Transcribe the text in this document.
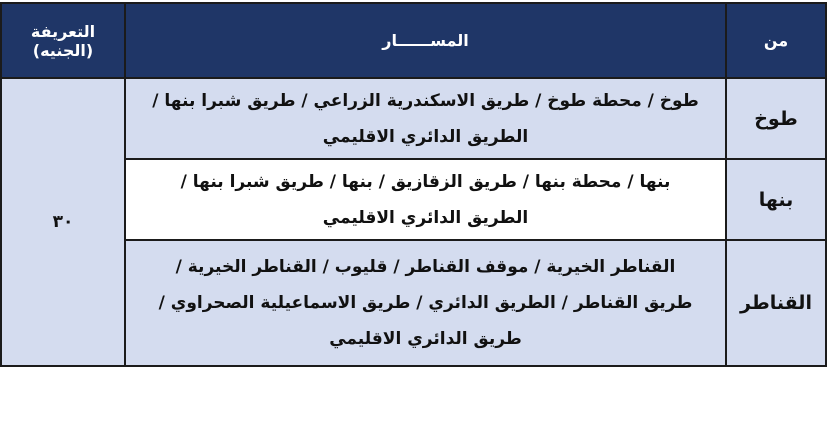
من	المســــــار	التعريفة (الجنيه)
طوخ	طوخ / محطة طوخ / طريق الاسكندرية الزراعي / طريق شبرا بنها /
الطريق الدائري الاقليمي	٣٠
بنها	بنها / محطة بنها / طريق الزقازيق / بنها / طريق شبرا بنها /
الطريق الدائري الاقليمي	

القناطر	القناطر الخيرية / موقف القناطر / قليوب / القناطر الخيرية /
طريق القناطر / الطريق الدائري / طريق الاسماعيلية الصحراوي /
طريق الدائري الاقليمي	
